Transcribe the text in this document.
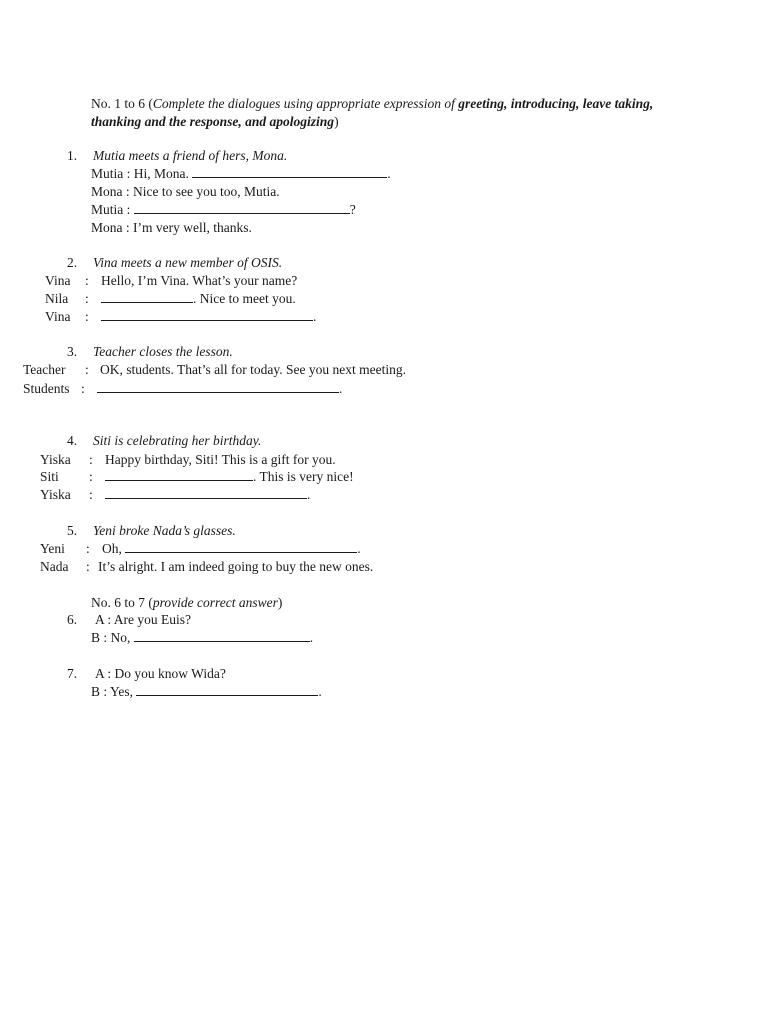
No. 1 to 6 (Complete the dialogues using appropriate expression of greeting, introducing, leave taking, thanking and the response, and apologizing)
1. Mutia meets a friend of hers, Mona.
Mutia : Hi, Mona.	.
Mona : Nice to see you too, Mutia.
Mutia :	?
Mona : I’m very well, thanks.
2. Vina meets a new member of OSIS.
Vina : Hello, I’m Vina. What’s your name?
Nila :	. Nice to meet you.
Vina :	.
3. Teacher closes the lesson.
Teacher : OK, students. That’s all for today. See you next meeting.
Students :	.
4. Siti is celebrating her birthday.
Yiska : Happy birthday, Siti! This is a gift for you.
Siti :	. This is very nice!
Yiska :	.
5. Yeni broke Nada’s glasses.
Yeni : Oh,	.
Nada : It’s alright. I am indeed going to buy the new ones.
No. 6 to 7 (provide correct answer)
6. A : Are you Euis?
B : No,	.
7. A : Do you know Wida?
B : Yes,	.
